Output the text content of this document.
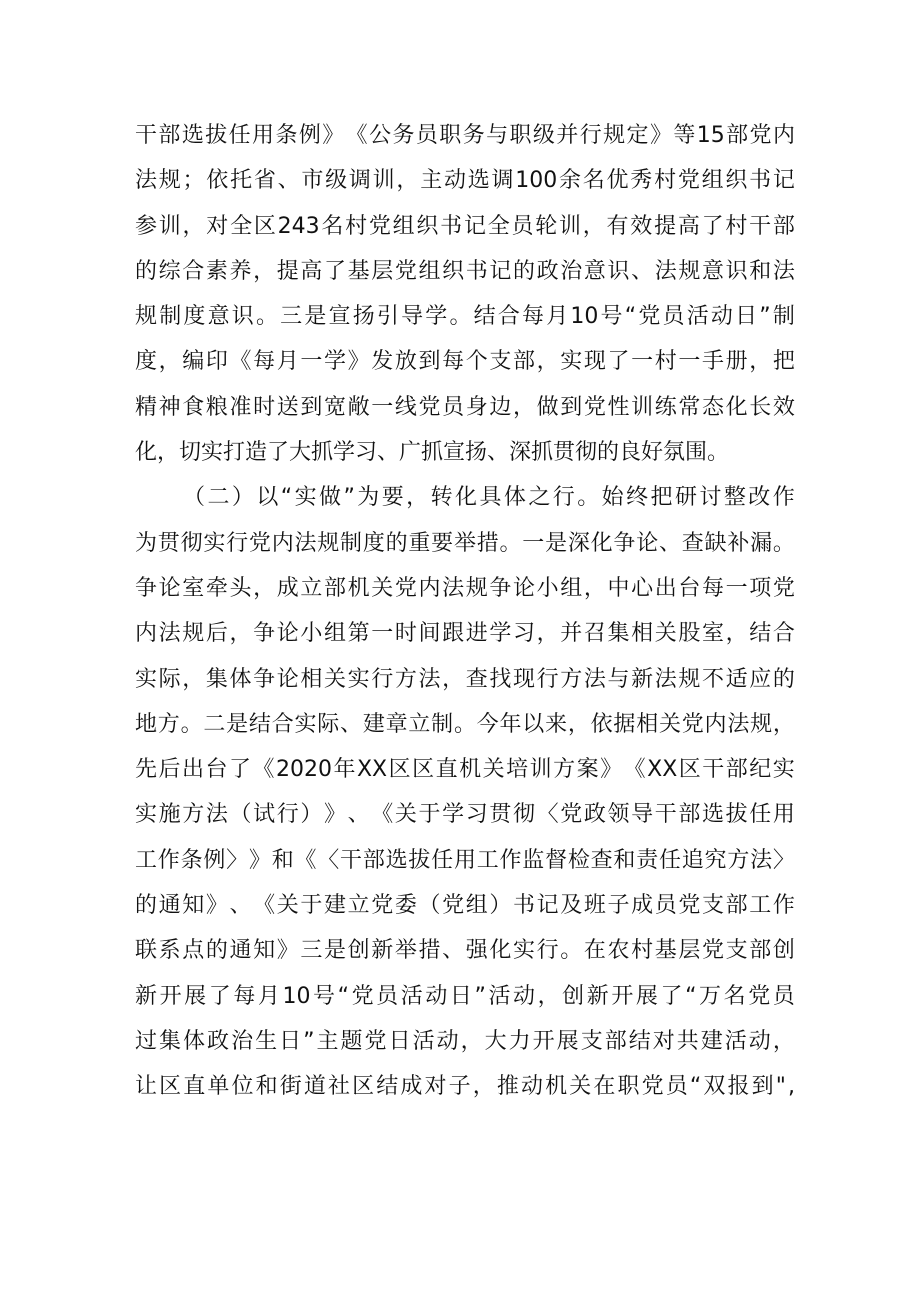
干 部 选 拔 任 用 条 例 》 《 公 务 员 职 务 与 职 级 并 行 规 定 》 等 15 部 党 内
法 规 ； 依 托 省 、 市 级 调 训 ， 主 动 选 调 100 余 名 优 秀 村 党 组 织 书 记
参 训 ， 对 全 区 243 名 村 党 组 织 书 记 全 员 轮 训 ， 有 效 提 高 了 村 干 部
的 综 合 素 养 ， 提 高 了 基 层 党 组 织 书 记 的 政 治 意 识 、 法 规 意 识 和 法
规 制 度 意 识 。 三 是 宣 扬 引 导 学 。 结 合 每 月 10 号 “ 党 员 活 动 日 ” 制
度 ， 编 印 《 每 月 一 学 》 发 放 到 每 个 支 部 ， 实 现 了 一 村 一 手 册 ， 把
精 神 食 粮 准 时 送 到 宽 敞 一 线 党 员 身 边 ， 做 到 党 性 训 练 常 态 化 长 效
化，切实打造了大抓学习、广抓宣扬、深抓贯彻的良好氛围。
（ 二 ） 以 “ 实 做 ” 为 要 ， 转 化 具 体 之 行 。 始 终 把 研 讨 整 改 作
为 贯 彻 实 行 党 内 法 规 制 度 的 重 要 举 措 。 一 是 深 化 争 论 、 查 缺 补 漏 。
争 论 室 牵 头 ， 成 立 部 机 关 党 内 法 规 争 论 小 组 ， 中 心 出 台 每 一 项 党
内 法 规 后 ， 争 论 小 组 第 一 时 间 跟 进 学 习 ， 并 召 集 相 关 股 室 ， 结 合
实 际 ， 集 体 争 论 相 关 实 行 方 法 ， 查 找 现 行 方 法 与 新 法 规 不 适 应 的
地 方 。 二 是 结 合 实 际 、 建 章 立 制 。 今 年 以 来 ， 依 据 相 关 党 内 法 规 ，
先 后 出 台 了 《 2020 年 XX 区 区 直 机 关 培 训 方 案 》 《 XX 区 干 部 纪 实
实 施 方 法 （ 试 行 ） 》 、 《 关 于 学 习 贯 彻 〈 党 政 领 导 干 部 选 拔 任 用
工 作 条 例 〉 》 和 《 〈 干 部 选 拔 任 用 工 作 监 督 检 查 和 责 任 追 究 方 法 〉
的 通 知 》 、 《 关 于 建 立 党 委 （ 党 组 ） 书 记 及 班 子 成 员 党 支 部 工 作
联 系 点 的 通 知 》 三 是 创 新 举 措 、 强 化 实 行 。 在 农 村 基 层 党 支 部 创
新 开 展 了 每 月 10 号 “ 党 员 活 动 日 ” 活 动 ， 创 新 开 展 了 “ 万 名 党 员
过 集 体 政 治 生 日 ” 主 题 党 日 活 动 ， 大 力 开 展 支 部 结 对 共 建 活 动 ，
让 区 直 单 位 和 街 道 社 区 结 成 对 子 ， 推 动 机 关 在 职 党 员 “ 双 报 到 " ,
